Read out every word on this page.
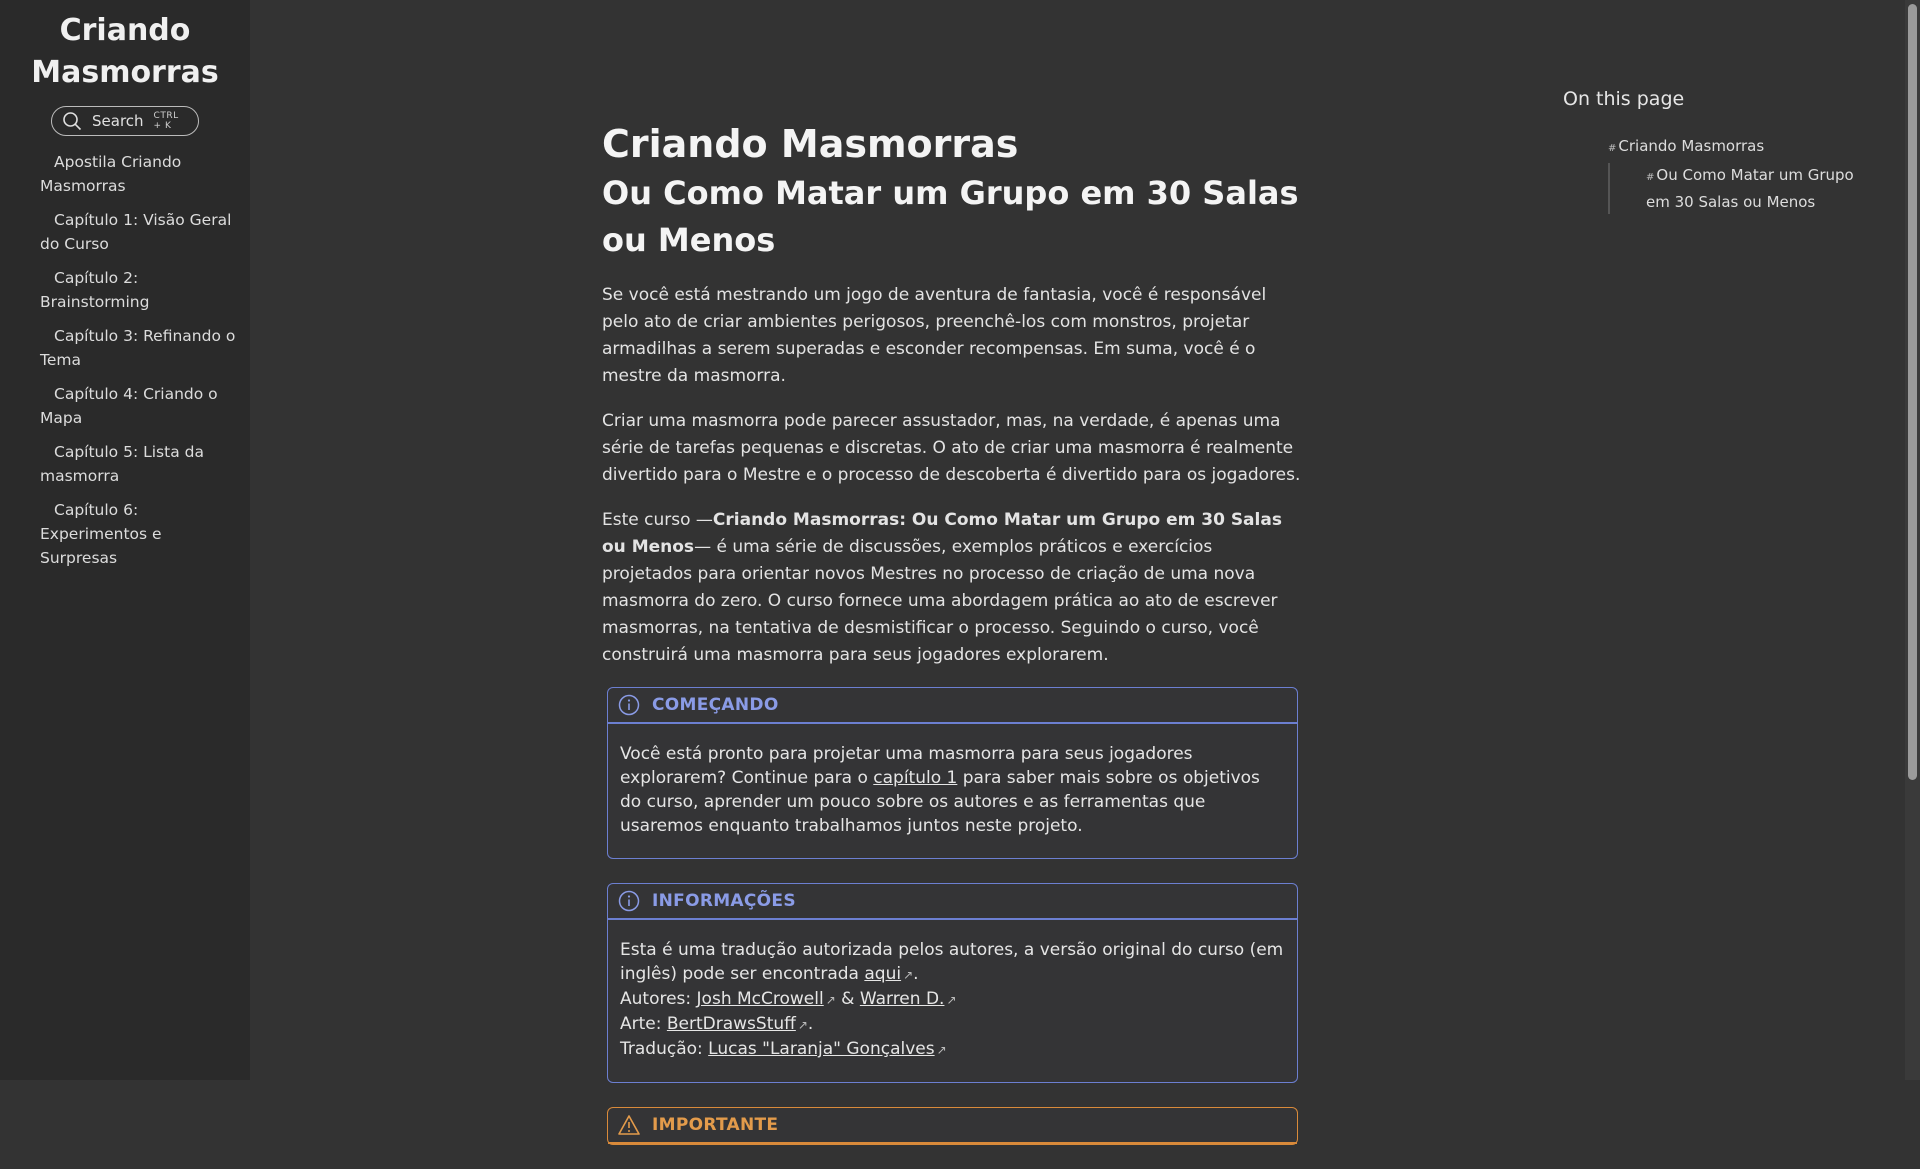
Criando Masmorras
Search CTRL + K
Apostila Criando Masmorras
Capítulo 1: Visão Geral do Curso
Capítulo 2: Brainstorming
Capítulo 3: Refinando o Tema
Capítulo 4: Criando o Mapa
Capítulo 5: Lista da masmorra
Capítulo 6: Experimentos e Surpresas
Criando Masmorras
Ou Como Matar um Grupo em 30 Salas ou Menos

Se você está mestrando um jogo de aventura de fantasia, você é responsável pelo ato de criar ambientes perigosos, preenchê-los com monstros, projetar armadilhas a serem superadas e esconder recompensas. Em suma, você é o mestre da masmorra.

Criar uma masmorra pode parecer assustador, mas, na verdade, é apenas uma série de tarefas pequenas e discretas. O ato de criar uma masmorra é realmente divertido para o Mestre e o processo de descoberta é divertido para os jogadores.

Este curso —Criando Masmorras: Ou Como Matar um Grupo em 30 Salas ou Menos— é uma série de discussões, exemplos práticos e exercícios projetados para orientar novos Mestres no processo de criação de uma nova masmorra do zero. O curso fornece uma abordagem prática ao ato de escrever masmorras, na tentativa de desmistificar o processo. Seguindo o curso, você construirá uma masmorra para seus jogadores explorarem.

COMEÇANDO
Você está pronto para projetar uma masmorra para seus jogadores explorarem? Continue para o capítulo 1 para saber mais sobre os objetivos do curso, aprender um pouco sobre os autores e as ferramentas que usaremos enquanto trabalhamos juntos neste projeto.
INFORMAÇÕES
Esta é uma tradução autorizada pelos autores, a versão original do curso (em inglês) pode ser encontrada aqui ↗.
Autores: Josh McCrowell ↗ & Warren D. ↗
Arte: BertDrawsStuff ↗.
Tradução: Lucas "Laranja" Gonçalves ↗
IMPORTANTE
On this page
# Criando Masmorras
# Ou Como Matar um Grupo em 30 Salas ou Menos
